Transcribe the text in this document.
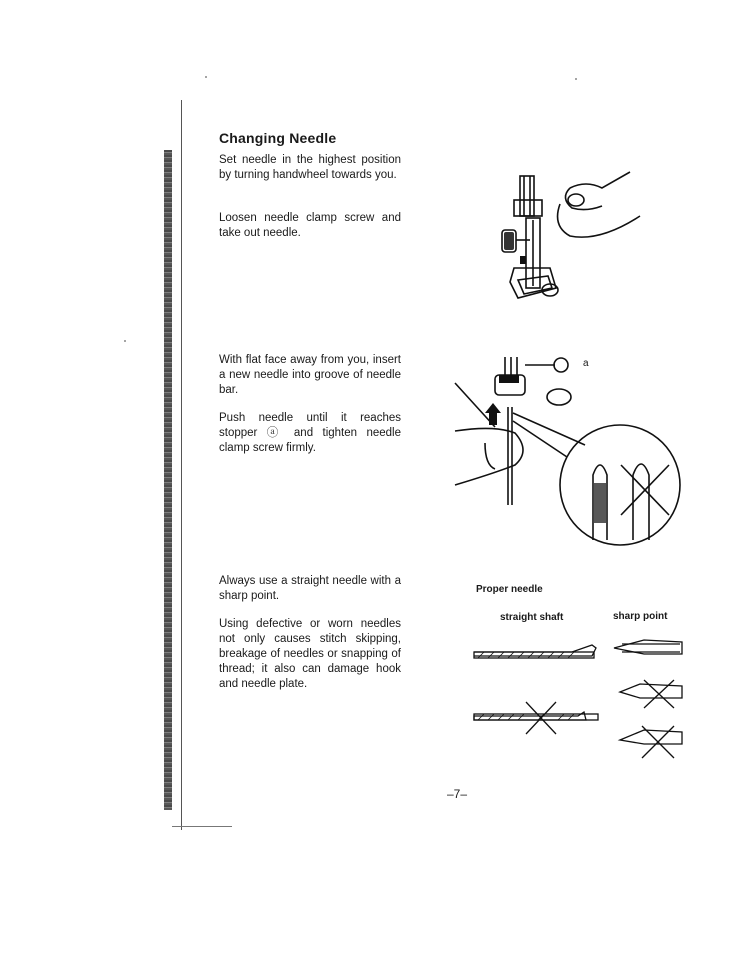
Changing Needle
Set needle in the highest position by turning handwheel towards you.
Loosen needle clamp screw and take out needle.
With flat face away from you, insert a new needle into groove of needle bar.
Push needle until it reaches stopper ⓐ and tighten needle clamp screw firmly.
Always use a straight needle with a sharp point.
Using defective or worn needles not only causes stitch skipping, breakage of needles or snapping of thread; it also can damage hook and needle plate.
a
Proper needle
straight shaft	sharp point
–7–
